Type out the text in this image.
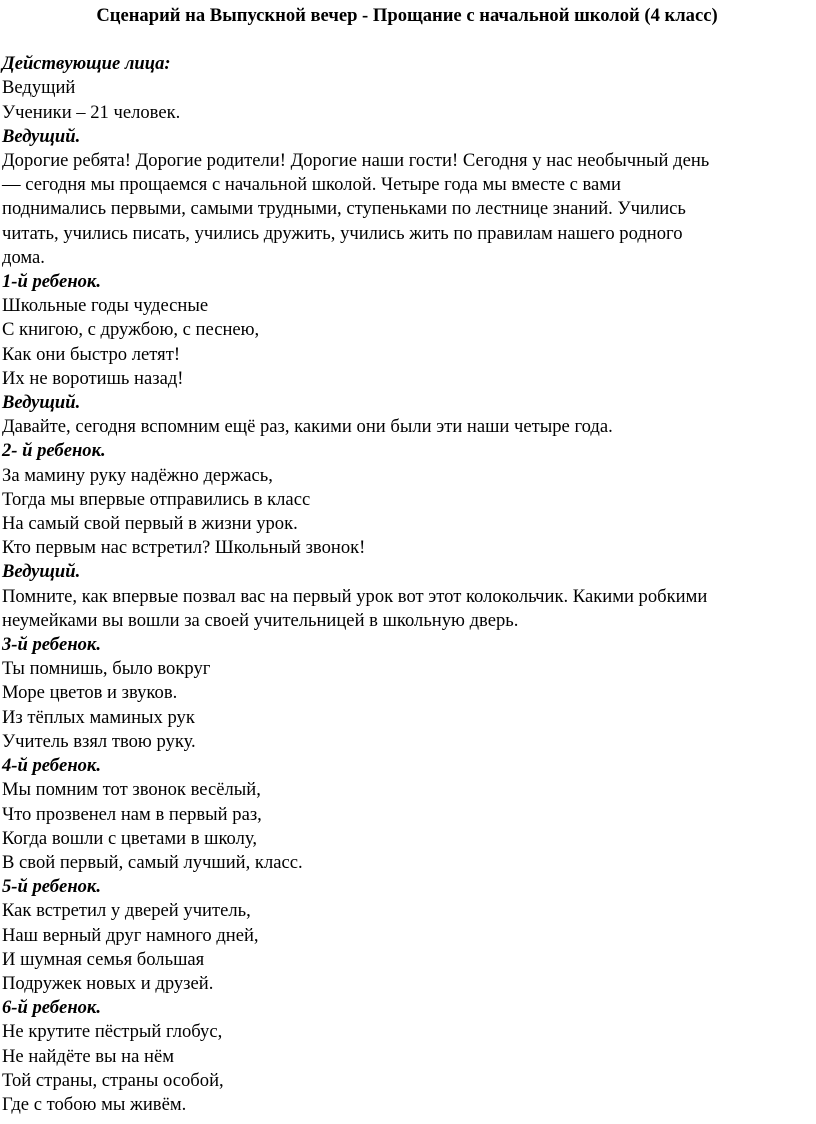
Сценарий на Выпускной вечер - Прощание с начальной школой (4 класс)
Действующие лица:
Ведущий
Ученики – 21 человек.
Ведущий.
Дорогие ребята! Дорогие родители! Дорогие наши гости! Сегодня у нас необычный день
— сегодня мы прощаемся с начальной школой. Четыре года мы вместе с вами
поднимались первыми, самыми трудными, ступеньками по лестнице знаний. Учились
читать, учились писать, учились дружить, учились жить по правилам нашего родного
дома.
1-й ребенок.
Школьные годы чудесные
С книгою, с дружбою, с песнею,
Как они быстро летят!
Их не воротишь назад!
Ведущий.
Давайте, сегодня вспомним ещё раз, какими они были эти наши четыре года.
2- й ребенок.
За мамину руку надёжно держась,
Тогда мы впервые отправились в класс
На самый свой первый в жизни урок.
Кто первым нас встретил? Школьный звонок!
Ведущий.
Помните, как впервые позвал вас на первый урок вот этот колокольчик. Какими робкими
неумейками вы вошли за своей учительницей в школьную дверь.
3-й ребенок.
Ты помнишь, было вокруг
Море цветов и звуков.
Из тёплых маминых рук
Учитель взял твою руку.
4-й ребенок.
Мы помним тот звонок весёлый,
Что прозвенел нам в первый раз,
Когда вошли с цветами в школу,
В свой первый, самый лучший, класс.
5-й ребенок.
Как встретил у дверей учитель,
Наш верный друг намного дней,
И шумная семья большая
Подружек новых и друзей.
6-й ребенок.
Не крутите пёстрый глобус,
Не найдёте вы на нём
Той страны, страны особой,
Где с тобою мы живём.
